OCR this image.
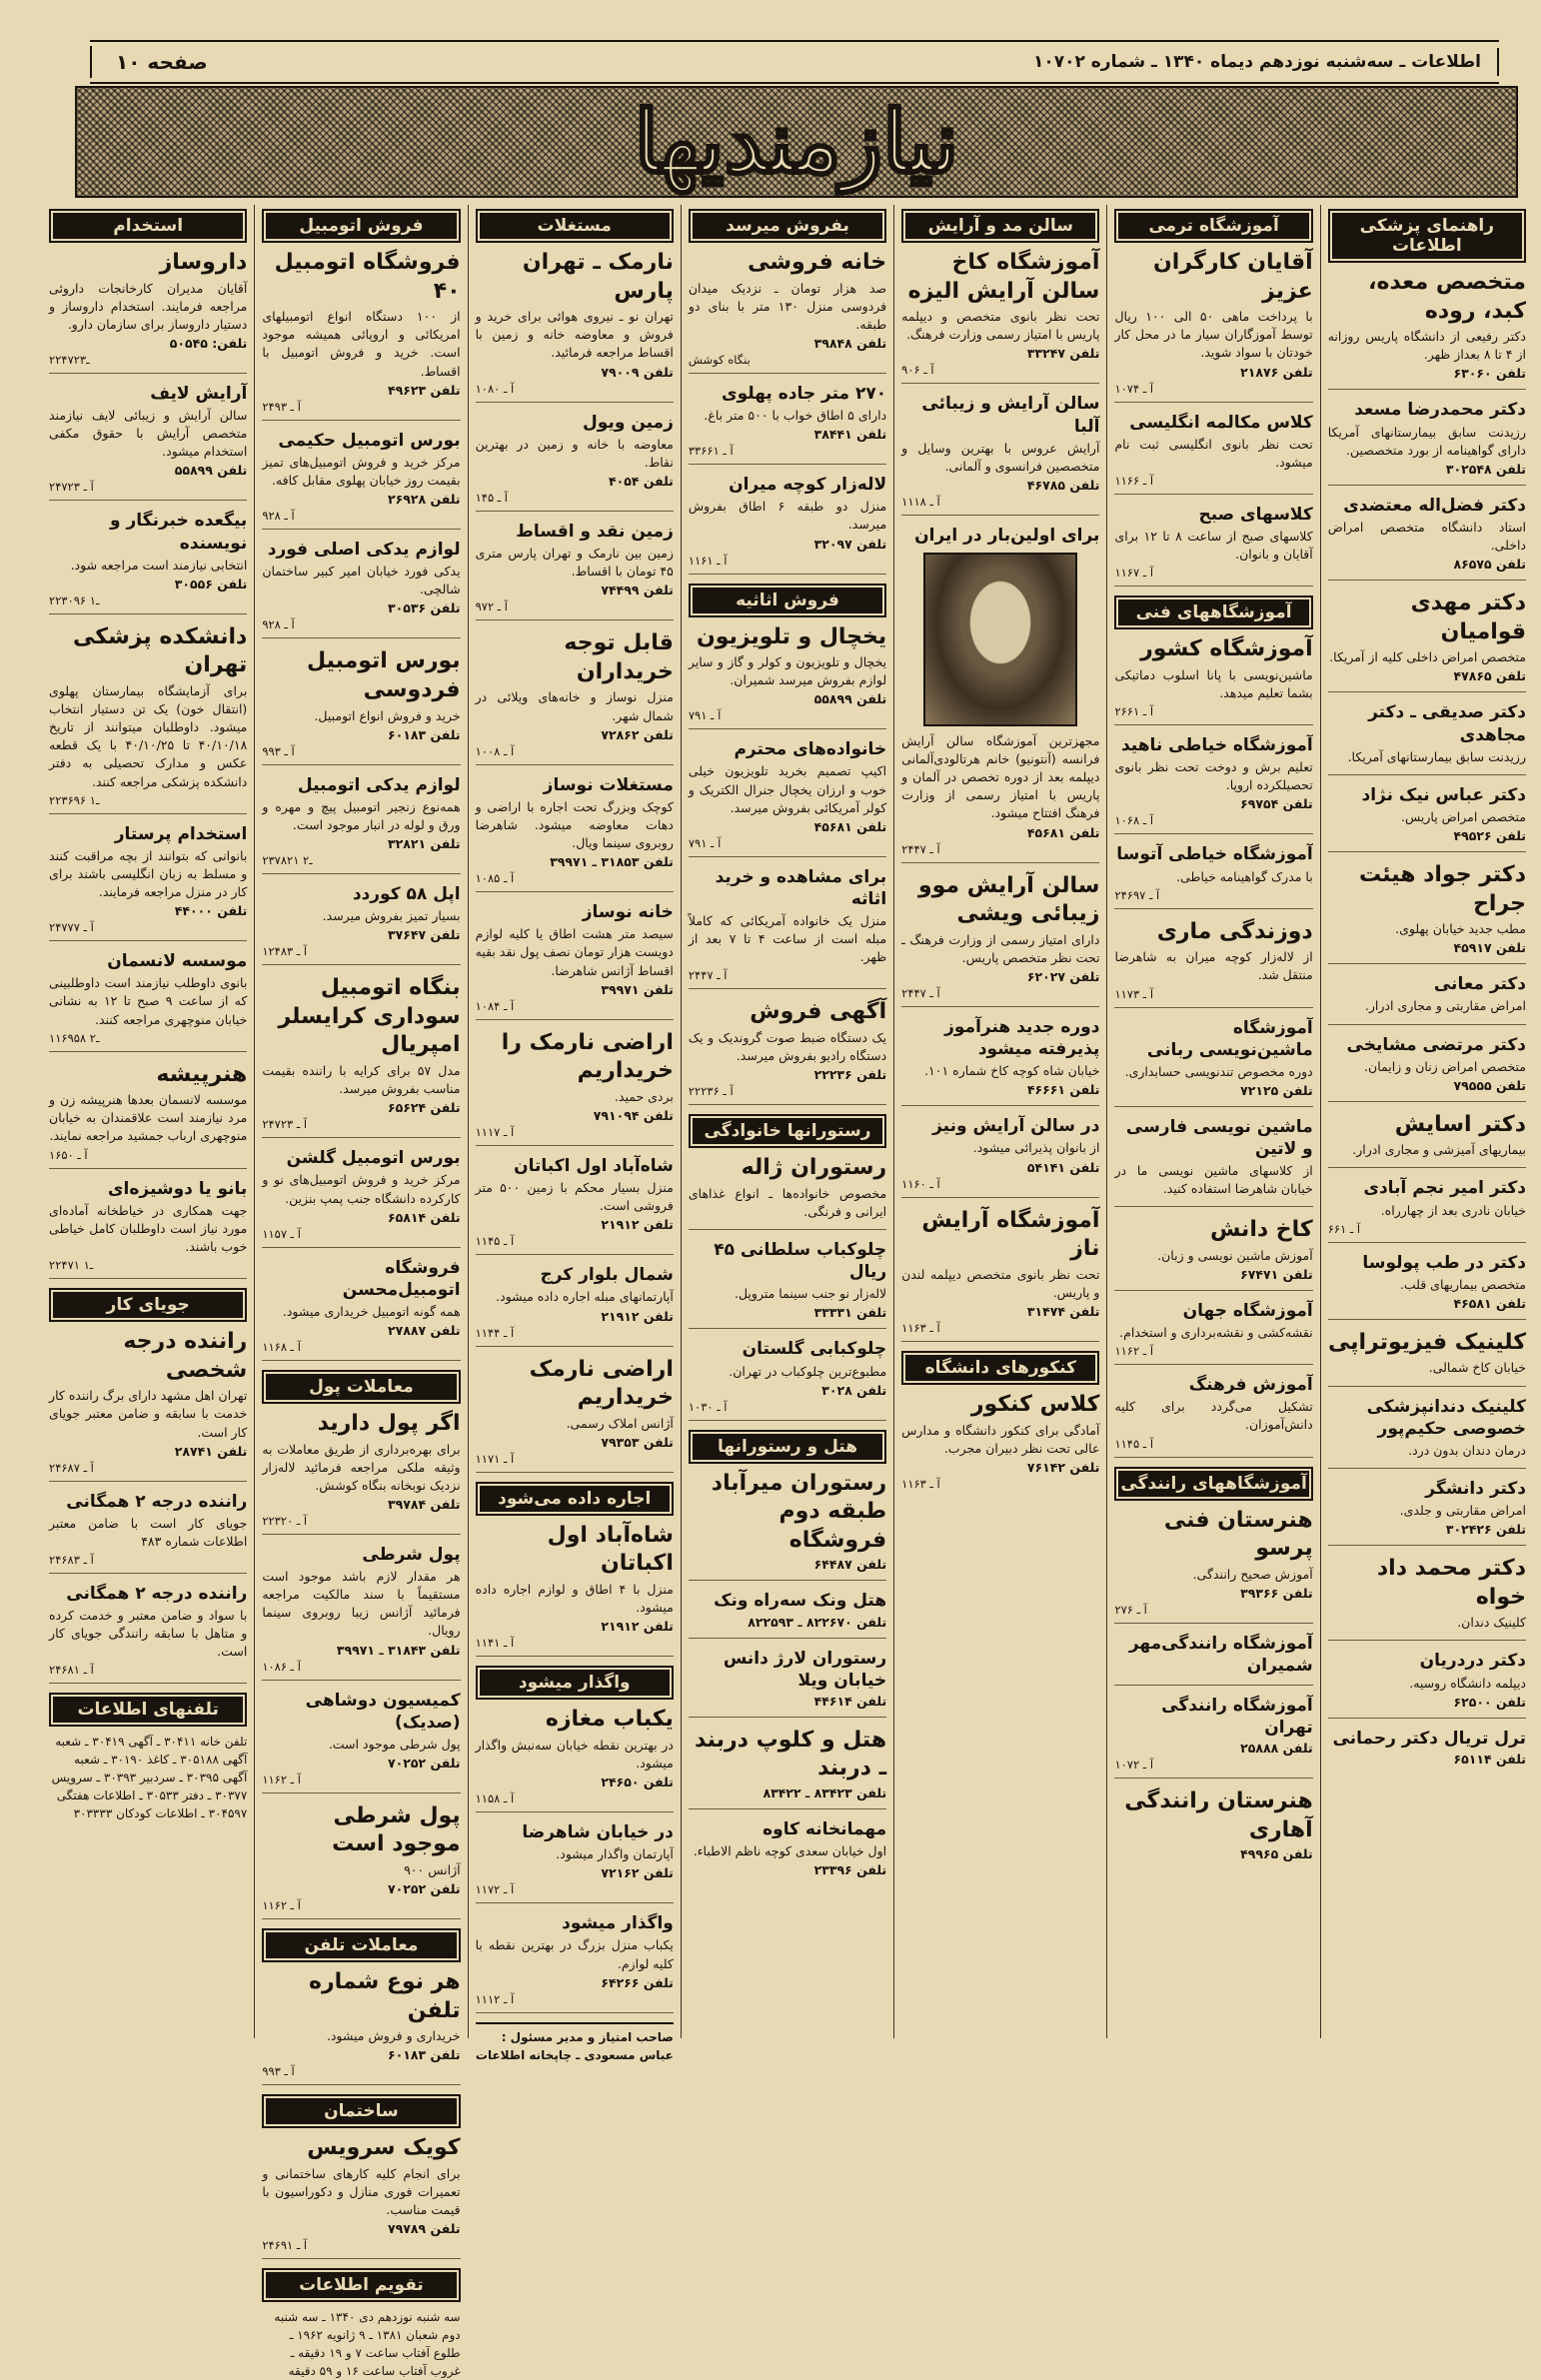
اطلاعات ـ سه‌شنبه نوزدهم دیماه ۱۳۴۰ ـ شماره ۱۰۷۰۲
صفحه ۱۰
نیازمندیها
راهنمای پزشکی اطلاعات
متخصص معده، کبد، روده
دکتر رفیعی از دانشگاه پاریس روزانه از ۴ تا ۸ بعداز ظهر.
تلفن ۶۳۰۶۰
دکتر محمدرضا مسعد
رزیدنت سابق بیمارستانهای آمریکا دارای گواهینامه از بورد متخصصین.
تلفن ۳۰۲۵۴۸
دکتر فضل‌اله معتضدی
استاد دانشگاه متخصص امراض داخلی.
تلفن ۸۶۵۷۵
دکتر مهدی‌ قوامیان
متخصص امراض داخلی کلیه از آمریکا.
تلفن ۴۷۸۶۵
دکتر صدیقی ـ دکتر مجاهدی
رزیدنت سابق بیمارستانهای آمریکا.
دکتر عباس نیک نژاد
متخصص امراض پاریس.
تلفن ۴۹۵۲۶
دکتر جواد هیئت جراح
مطب جدید خیابان پهلوی.
تلفن ۴۵۹۱۷
دکتر معانی
امراض مقاربتی و مجاری ادرار.
دکتر مرتضی مشایخی
متخصص امراض زنان و زایمان.
تلفن ۷۹۵۵۵
دکتر اسایش
بیماریهای آمیزشی و مجاری ادرار.
دکتر امیر نجم آبادی
خیابان نادری بعد از چهارراه.
آ ـ ۶۶۱
دکتر در طب پولوسا
متخصص بیماریهای قلب.
تلفن ۴۶۵۸۱
کلینیک فیزیوتراپی
خیابان کاخ شمالی.
کلینیک دندانپزشکی خصوصی حکیم‌پور
درمان دندان بدون درد.
دکتر دانشگر
امراض مقاربتی و جلدی.
تلفن ۳۰۲۴۲۶
دکتر محمد داد خواه
کلینیک دندان.
دکتر دردریان
دیپلمه دانشگاه روسیه.
تلفن ۶۲۵۰۰
ترل تریال دکتر رحمانی
تلفن ۶۵۱۱۴
آموزشگاه ترمی
آقایان کارگران عزیز
با پرداخت ماهی ۵۰ الی ۱۰۰ ریال توسط آموزگاران سیار ما در محل کار خودتان با سواد شوید.
تلفن ۲۱۸۷۶
آ ـ ۱۰۷۴
کلاس مکالمه انگلیسی
تحت نظر بانوی انگلیسی ثبت نام میشود.
آ ـ ۱۱۶۶
کلاسهای صبح
کلاسهای صبح از ساعت ۸ تا ۱۲ برای آقایان و بانوان.
آ ـ ۱۱۶۷
آموزشگاههای فنی
آموزشگاه کشور
ماشین‌نویسی با پانا اسلوب دماتیکی بشما تعلیم میدهد.
آ ـ ۲۶۶۱
آموزشگاه خیاطی ناهید
تعلیم برش و دوخت تحت نظر بانوی تحصیلکرده اروپا.
تلفن ۶۹۷۵۴
آ ـ ۱۰۶۸
آموزشگاه خیاطی آتوسا
با مدرک گواهینامه خیاطی.
آ ـ ۲۴۶۹۷
دوزندگی ماری
از لاله‌زار کوچه میران به شاهرضا منتقل شد.
آ ـ ۱۱۷۳
آموزشگاه ماشین‌نویسی ربانی
دوره مخصوص تندنویسی حسابداری.
تلفن ۷۲۱۲۵
ماشین نویسی فارسی و لاتین
از کلاسهای ماشین نویسی ما در خیابان شاهرضا استفاده کنید.
کاخ دانش
آموزش ماشین نویسی و زبان.
تلفن ۶۷۴۷۱
آموزشگاه جهان
نقشه‌کشی و نقشه‌برداری و استخدام.
آ ـ ۱۱۶۲
آموزش فرهنگ
تشکیل می‌گردد برای کلیه دانش‌آموزان.
آ ـ ۱۱۴۵
آموزشگاههای رانندگی
هنرستان فنی پرسو
آموزش صحیح رانندگی.
تلفن ۳۹۳۶۶
آ ـ ۲۷۶
آموزشگاه رانندگی‌مهر شمیران
آموزشگاه رانندگی تهران
تلفن ۲۵۸۸۸
آ ـ ۱۰۷۲
هنرستان رانندگی آهاری
تلفن ۴۹۹۶۵
سالن مد و آرایش
آموزشگاه کاخ سالن آرایش الیزه
تحت نظر بانوی متخصص و دیپلمه پاریس با امتیاز رسمی وزارت فرهنگ.
تلفن ۳۳۲۴۷
آ ـ ۹۰۶
سالن آرایش و زیبائی آلبا
آرایش عروس با بهترین وسایل و متخصصین فرانسوی و آلمانی.
تلفن ۴۶۷۸۵
آ ـ ۱۱۱۸
برای اولین‌بار در ایران
مجهزترین آموزشگاه سالن آرایش فرانسه (آنتونیو) خانم هرتالودی‌آلمانی دیپلمه بعد از دوره تخصص در آلمان و پاریس با امتیاز رسمی از وزارت فرهنگ افتتاح میشود.
تلفن ۴۵۶۸۱
آ ـ ۲۴۴۷
سالن آرایش موو زیبائی ویشی
دارای امتیاز رسمی از وزارت فرهنگ ـ تحت نظر متخصص پاریس.
تلفن ۶۲۰۲۷
آ ـ ۲۴۴۷
دوره جدید هنرآموز پذیرفته میشود
خیابان شاه کوچه کاخ شماره ۱۰۱.
تلفن ۴۶۶۶۱
در سالن آرایش ونیز
از بانوان پذیرائی میشود.
تلفن ۵۴۱۴۱
آ ـ ۱۱۶۰
آموزشگاه آرایش ناز
تحت نظر بانوی متخصص دیپلمه لندن و پاریس.
تلفن ۳۱۴۷۴
آ ـ ۱۱۶۳
کنکورهای دانشگاه
کلاس کنکور
آمادگی برای کنکور دانشگاه و مدارس عالی تحت نظر دبیران مجرب.
تلفن ۷۶۱۴۲
آ ـ ۱۱۶۳
بفروش میرسد
خانه فروشی
صد هزار تومان ـ نزدیک میدان فردوسی منزل ۱۳۰ متر با بنای دو طبقه.
تلفن ۳۹۸۴۸
بنگاه کوشش
۲۷۰ متر جاده پهلوی
دارای ۵ اطاق خواب با ۵۰۰ متر باغ.
تلفن ۳۸۴۴۱
آ ـ ۳۳۶۶۱
لاله‌زار کوچه میران
منزل دو طبقه ۶ اطاق بفروش میرسد.
تلفن ۳۲۰۹۷
آ ـ ۱۱۶۱
فروش اثاثیه
یخچال و تلویزیون
یخچال و تلویزیون و کولر و گاز و سایر لوازم بفروش میرسد شمیران.
تلفن ۵۵۸۹۹
آ ـ ۷۹۱
خانواده‌های محترم
اکیپ تصمیم بخرید تلویزیون خیلی خوب و ارزان یخچال جنرال الکتریک و کولر آمریکائی بفروش میرسد.
تلفن ۴۵۶۸۱
آ ـ ۷۹۱
برای مشاهده و خرید اثاثه
منزل یک خانواده آمریکائی که کاملاً مبله است از ساعت ۴ تا ۷ بعد از ظهر.
آ ـ ۲۴۴۷
آگهی فروش
یک دستگاه ضبط صوت گروندیک و یک دستگاه رادیو بفروش میرسد.
تلفن ۲۲۲۳۶
آ ـ ۲۲۲۳۶
رستورانها خانوادگی
رستوران ژاله
مخصوص خانواده‌ها ـ انواع غذاهای ایرانی و فرنگی.
چلوکباب سلطانی ۴۵ ریال
لاله‌زار نو جنب سینما متروپل.
تلفن ۳۳۳۳۱
چلوکبابی گلستان
مطبوع‌ترین چلوکباب در تهران.
تلفن ۳۰۲۸
آ ـ ۱۰۳۰
هتل و رستورانها
رستوران میرآباد طبقه دوم فروشگاه
تلفن ۶۴۴۸۷
هتل ونک سه‌راه ونک
تلفن ۸۲۲۶۷۰ ـ ۸۲۲۵۹۳
رستوران لارژ دانس خیابان ویلا
تلفن ۴۴۶۱۴
هتل و کلوپ دربند ـ دربند
تلفن ۸۳۴۲۳ ـ ۸۳۴۲۲
مهمانخانه کاوه
اول خیابان سعدی کوچه ناظم الاطباء.
تلفن ۲۳۳۹۶
مستغلات
نارمک ـ تهران پارس
تهران نو ـ نیروی هوائی برای خرید و فروش و معاوضه خانه و زمین با اقساط مراجعه فرمائید.
تلفن ۷۹۰۰۹
آ ـ ۱۰۸۰
زمین ویول
معاوضه با خانه و زمین در بهترین نقاط.
تلفن ۴۰۵۴
آ ـ ۱۴۵
زمین نقد و اقساط
زمین بین نارمک و تهران پارس متری ۴۵ تومان با اقساط.
تلفن ۷۴۴۹۹
آ ـ ۹۷۲
قابل توجه خریداران
منزل نوساز و خانه‌های ویلائی در شمال شهر.
تلفن ۷۲۸۶۲
آ ـ ۱۰۰۸
مستغلات نوساز
کوچک وبزرگ تحت اجاره با اراضی و دهات معاوضه میشود. شاهرضا روبروی سینما ویال.
تلفن ۳۱۸۵۳ ـ ۳۹۹۷۱
آ ـ ۱۰۸۵
خانه نوساز
سیصد متر هشت اطاق یا کلیه لوازم دویست هزار تومان نصف پول نقد بقیه اقساط آژانس شاهرضا.
تلفن ۳۹۹۷۱
آ ـ ۱۰۸۴
اراضی نارمک را خریداریم
بردی حمید.
تلفن ۷۹۱۰۹۴
آ ـ ۱۱۱۷
شاه‌آباد اول اکباتان
منزل بسیار محکم با زمین ۵۰۰ متر فروشی است.
تلفن ۲۱۹۱۲
آ ـ ۱۱۴۵
شمال بلوار کرج
آپارتمانهای مبله اجاره داده میشود.
تلفن ۲۱۹۱۲
آ ـ ۱۱۴۴
اراضی نارمک خریداریم
آژانس املاک رسمی.
تلفن ۷۹۳۵۳
آ ـ ۱۱۷۱
اجاره داده می‌شود
شاه‌آباد اول اکباتان
منزل با ۴ اطاق و لوازم اجاره داده میشود.
تلفن ۲۱۹۱۲
آ ـ ۱۱۴۱
واگذار میشود
یکباب مغازه
در بهترین نقطه خیابان سه‌نبش واگذار میشود.
تلفن ۲۴۶۵۰
آ ـ ۱۱۵۸
در خیابان شاهرضا
آپارتمان واگذار میشود.
تلفن ۷۲۱۶۲
آ ـ ۱۱۷۲
واگذار میشود
یکباب منزل بزرگ در بهترین نقطه با کلیه لوازم.
تلفن ۶۴۲۶۶
آ ـ ۱۱۱۲
صاحب امتیاز و مدیر مسئول : عباس مسعودی ـ چاپخانه اطلاعات
فروش اتومبیل
فروشگاه اتومبیل ۴۰
از ۱۰۰ دستگاه انواع اتومبیلهای امریکائی و اروپائی همیشه موجود است. خرید و فروش اتومبیل با اقساط.
تلفن ۴۹۶۲۳
آ ـ ۲۴۹۳
بورس اتومبیل حکیمی
مرکز خرید و فروش اتومبیل‌های تمیز بقیمت روز خیابان پهلوی مقابل کافه.
تلفن ۲۶۹۲۸
آ ـ ۹۲۸
لوازم یدکی اصلی فورد
یدکی فورد خیابان امیر کبیر ساختمان شالچی.
تلفن ۳۰۵۳۶
آ ـ ۹۲۸
بورس اتومبیل فردوسی
خرید و فروش انواع اتومبیل.
تلفن ۶۰۱۸۳
آ ـ ۹۹۳
لوازم یدکی اتومبیل
همه‌نوع زنجیر اتومبیل پیچ و مهره و ورق و لوله در انبار موجود است.
تلفن ۳۲۸۲۱
۲ـ۲ ۳۷۸۲۱
اپل ۵۸ کوردد
بسیار تمیز بفروش میرسد.
تلفن ۳۷۶۴۷
آ ـ ۱۲۴۸۳
بنگاه اتومبیل سوداری کرایسلر امپریال
مدل ۵۷ برای کرایه با راننده بقیمت مناسب بفروش میرسد.
تلفن ۶۵۶۲۴
آ ـ ۲۴۷۲۳
بورس اتومبیل گلشن
مرکز خرید و فروش اتومبیل‌های نو و کارکرده دانشگاه جنب پمپ بنزین.
تلفن ۶۵۸۱۴
آ ـ ۱۱۵۷
فروشگاه اتومبیل‌محسن
همه گونه اتومبیل خریداری میشود.
تلفن ۲۷۸۸۷
آ ـ ۱۱۶۸
معاملات پول
اگر پول دارید
برای بهره‌برداری از طریق معاملات به وثیقه ملکی مراجعه فرمائید لاله‌زار نزدیک نوبخانه بنگاه کوشش.
تلفن ۳۹۷۸۴
آ ـ ۲۲۳۲۰
پول شرطی
هر مقدار لازم باشد موجود است مستقیماً با سند مالکیت مراجعه فرمائید آژانس زیبا روبروی سینما رویال.
تلفن ۳۱۸۴۳ ـ ۳۹۹۷۱
آ ـ ۱۰۸۶
کمیسیون دوشاهی (صدیک)
پول شرطی موجود است.
تلفن ۷۰۲۵۲
آ ـ ۱۱۶۲
پول شرطی موجود است
آژانس ۹۰۰
تلفن ۷۰۲۵۲
آ ـ ۱۱۶۲
معاملات تلفن
هر نوع شماره تلفن
خریداری و فروش میشود.
تلفن ۶۰۱۸۳
آ ـ ۹۹۳
ساختمان
کویک سرویس
برای انجام کلیه کارهای ساختمانی و تعمیرات فوری منازل و دکوراسیون با قیمت مناسب.
تلفن ۷۹۷۸۹
آ ـ ۲۴۶۹۱
تقویم اطلاعات
سه شنبه نوزدهم دی ۱۳۴۰ ـ سه شنبه دوم شعبان ۱۳۸۱ ـ ۹ ژانویه ۱۹۶۲ ـ طلوع آفتاب ساعت ۷ و ۱۹ دقیقه ـ غروب آفتاب ساعت ۱۶ و ۵۹ دقیقه
استخدام
داروساز
آقایان مدیران کارخانجات داروئی مراجعه فرمایند. استخدام داروساز و دستیار داروساز برای سازمان دارو.
تلفن: ۵۰۵۴۵
۲ـ۲۴۷۲۳
آرایش لایف
سالن آرایش و زیبائی لایف نیازمند متخصص آرایش با حقوق مکفی استخدام میشود.
تلفن ۵۵۸۹۹
آ ـ ۲۴۷۲۳
بیگعده خبرنگار و نویسنده
انتخابی نیازمند است مراجعه شود.
تلفن ۳۰۵۵۶
۲ـ۱ ۲۳۰۹۶
دانشکده پزشکی تهران
برای آزمایشگاه بیمارستان پهلوی (انتقال خون) یک تن دستیار انتخاب میشود. داوطلبان میتوانند از تاریخ ۴۰/۱۰/۱۸ تا ۴۰/۱۰/۲۵ با یک قطعه عکس و مدارک تحصیلی به دفتر دانشکده پزشکی مراجعه کنند.
۲ـ۱ ۲۳۶۹۶
استخدام پرستار
بانوانی که بتوانند از بچه مراقبت کنند و مسلط به زبان انگلیسی باشند برای کار در منزل مراجعه فرمایند.
تلفن ۴۴۰۰۰
آ ـ ۲۴۷۷۷
موسسه لانسمان
بانوی داوطلب نیازمند است داوطلبینی که از ساعت ۹ صبح تا ۱۲ به نشانی خیابان منوچهری مراجعه کنند.
۱ـ۲ ۱۶۹۵۸
هنرپیشه
موسسه لانسمان بعدها هنرپیشه زن و مرد نیازمند است علاقمندان به خیابان منوچهری ارباب جمشید مراجعه نمایند.
آ ـ ۱۶۵۰
بانو یا دوشیزه‌ای
جهت همکاری در خیاطخانه آماده‌ای مورد نیاز است داوطلبان کامل خیاطی خوب باشند.
۲ـ۱ ۲۴۷۱
جویای کار
راننده درجه شخصی
تهران اهل مشهد دارای برگ راننده کار خدمت با سابقه و ضامن معتبر جویای کار است.
تلفن ۲۸۷۴۱
آ ـ ۲۴۶۸۷
راننده درجه ۲ همگانی
جویای کار است با ضامن معتبر اطلاعات شماره ۴۸۳
آ ـ ۲۴۶۸۳
راننده درجه ۲ همگانی
با سواد و ضامن معتبر و خدمت کرده و متاهل با سابقه رانندگی جویای کار است.
آ ـ ۲۴۶۸۱
تلفنهای اطلاعات
تلفن خانه ۳۰۴۱۱ ـ آگهی ۳۰۴۱۹ ـ شعبه آگهی ۳۰۵۱۸۸ ـ کاغذ ۳۰۱۹۰ ـ شعبه آگهی ۳۰۳۹۵ ـ سردبیر ۳۰۳۹۳ ـ سرویس ۳۰۳۷۷ ـ دفتر ۳۰۵۳۳ ـ اطلاعات هفتگی ۳۰۴۵۹۷ ـ اطلاعات کودکان ۳۰۳۳۳۳
